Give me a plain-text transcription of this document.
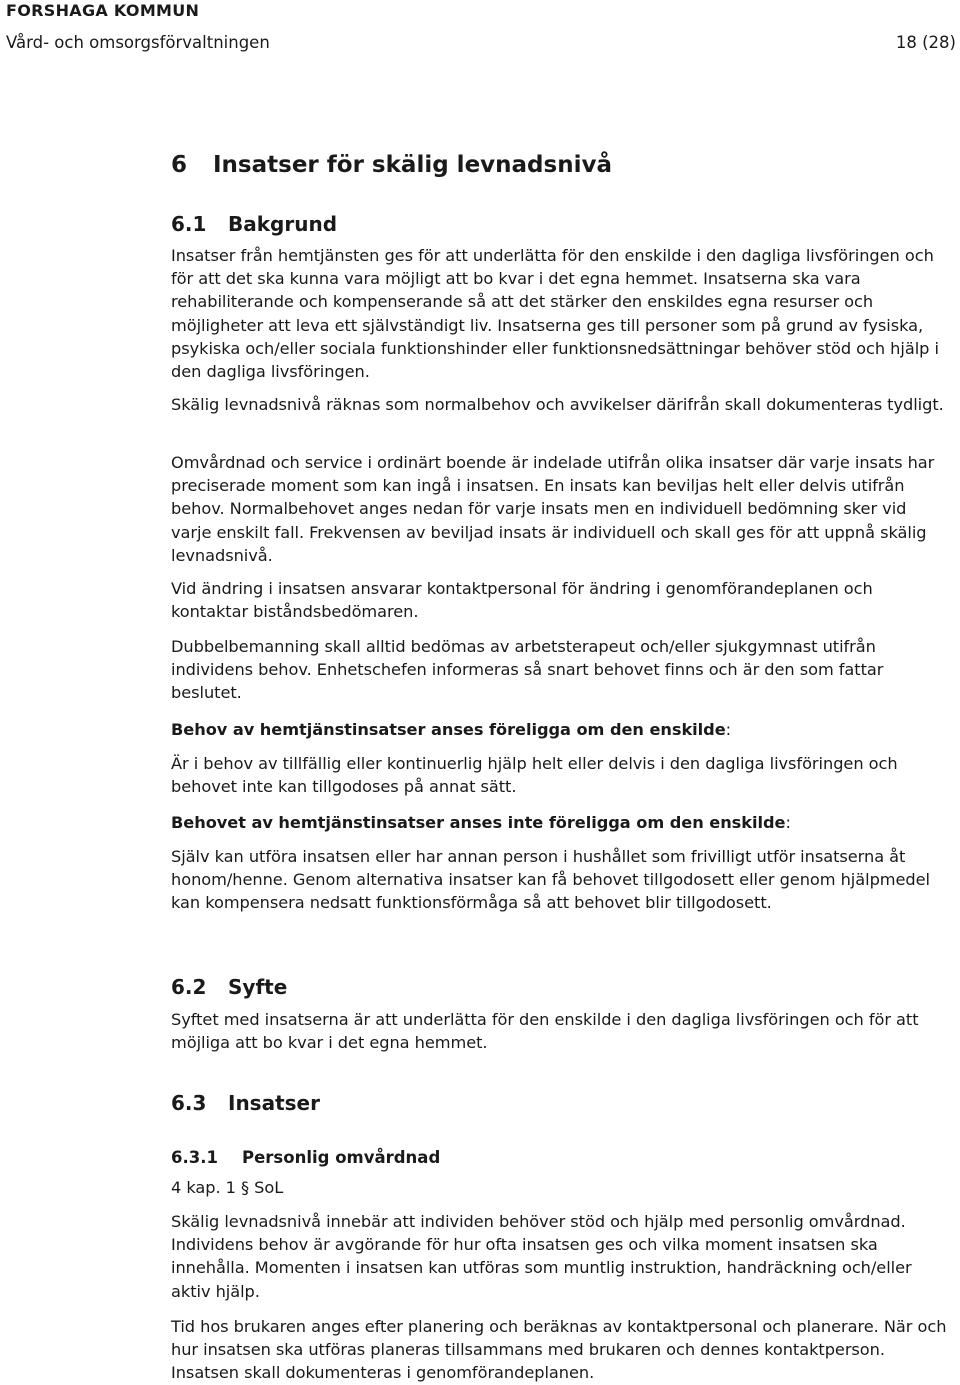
FORSHAGA KOMMUN

Vård- och omsorgsförvaltningen	18 (28)
6 Insatser för skälig levnadsnivå
6.1 Bakgrund

Insatser från hemtjänsten ges för att underlätta för den enskilde i den dagliga livsföringen och för att det ska kunna vara möjligt att bo kvar i det egna hemmet. Insatserna ska vara rehabiliterande och kompenserande så att det stärker den enskildes egna resurser och möjligheter att leva ett självständigt liv. Insatserna ges till personer som på grund av fysiska, psykiska och/eller sociala funktionshinder eller funktionsnedsättningar behöver stöd och hjälp i den dagliga livsföringen.

Skälig levnadsnivå räknas som normalbehov och avvikelser därifrån skall dokumenteras tydligt.

Omvårdnad och service i ordinärt boende är indelade utifrån olika insatser där varje insats har preciserade moment som kan ingå i insatsen. En insats kan beviljas helt eller delvis utifrån behov. Normalbehovet anges nedan för varje insats men en individuell bedömning sker vid varje enskilt fall. Frekvensen av beviljad insats är individuell och skall ges för att uppnå skälig levnadsnivå.

Vid ändring i insatsen ansvarar kontaktpersonal för ändring i genomförandeplanen och kontaktar biståndsbedömaren.

Dubbelbemanning skall alltid bedömas av arbetsterapeut och/eller sjukgymnast utifrån individens behov. Enhetschefen informeras så snart behovet finns och är den som fattar beslutet.

Behov av hemtjänstinsatser anses föreligga om den enskilde:

Är i behov av tillfällig eller kontinuerlig hjälp helt eller delvis i den dagliga livsföringen och behovet inte kan tillgodoses på annat sätt.

Behovet av hemtjänstinsatser anses inte föreligga om den enskilde:

Själv kan utföra insatsen eller har annan person i hushållet som frivilligt utför insatserna åt honom/henne. Genom alternativa insatser kan få behovet tillgodosett eller genom hjälpmedel kan kompensera nedsatt funktionsförmåga så att behovet blir tillgodosett.

6.2 Syfte

Syftet med insatserna är att underlätta för den enskilde i den dagliga livsföringen och för att möjliga att bo kvar i det egna hemmet.

6.3 Insatser
6.3.1 Personlig omvårdnad

4 kap. 1 § SoL

Skälig levnadsnivå innebär att individen behöver stöd och hjälp med personlig omvårdnad. Individens behov är avgörande för hur ofta insatsen ges och vilka moment insatsen ska innehålla. Momenten i insatsen kan utföras som muntlig instruktion, handräckning och/eller aktiv hjälp.

Tid hos brukaren anges efter planering och beräknas av kontaktpersonal och planerare. När och hur insatsen ska utföras planeras tillsammans med brukaren och dennes kontaktperson. Insatsen skall dokumenteras i genomförandeplanen.
